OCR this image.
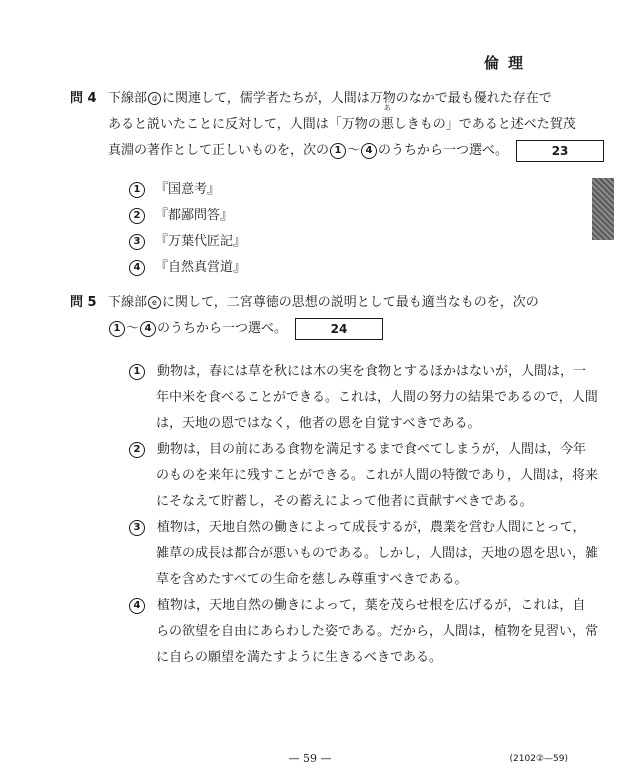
倫理
問 4 下線部 d に関連して，儒学者たちが，人間は万物のなかで最も優れた存在で
あると説いたことに反対して，人間は「万物の
あ
悪しきもの」であると述べた賀茂
真淵の著作として正しいものを，次の 1 ～ 4 のうちから一つ選べ。	23
1 『国意考』
2 『都鄙問答』
3 『万葉代匠記』
4 『自然真営道』
問 5 下線部 e に関して，二宮尊徳の思想の説明として最も適当なものを，次の
1 ～ 4 のうちから一つ選べ。	24
1 動物は，春には草を秋には木の実を食物とするほかはないが，人間は，一
年中米を食べることができる。これは，人間の努力の結果であるので，人間
は，天地の恩ではなく，他者の恩を自覚すべきである。
2 動物は，目の前にある食物を満足するまで食べてしまうが，人間は，今年
のものを来年に残すことができる。これが人間の特徴であり，人間は，将来
にそなえて貯蓄し，その蓄えによって他者に貢献すべきである。
3 植物は，天地自然の働きによって成長するが，農業を営む人間にとって，
雑草の成長は都合が悪いものである。しかし，人間は，天地の恩を思い，雑
草を含めたすべての生命を慈しみ尊重すべきである。
4 植物は，天地自然の働きによって，葉を茂らせ根を広げるが，これは，自
らの欲望を自由にあらわした姿である。だから，人間は，植物を見習い，常
に自らの願望を満たすように生きるべきである。
— 59 —	(2102②—59)
